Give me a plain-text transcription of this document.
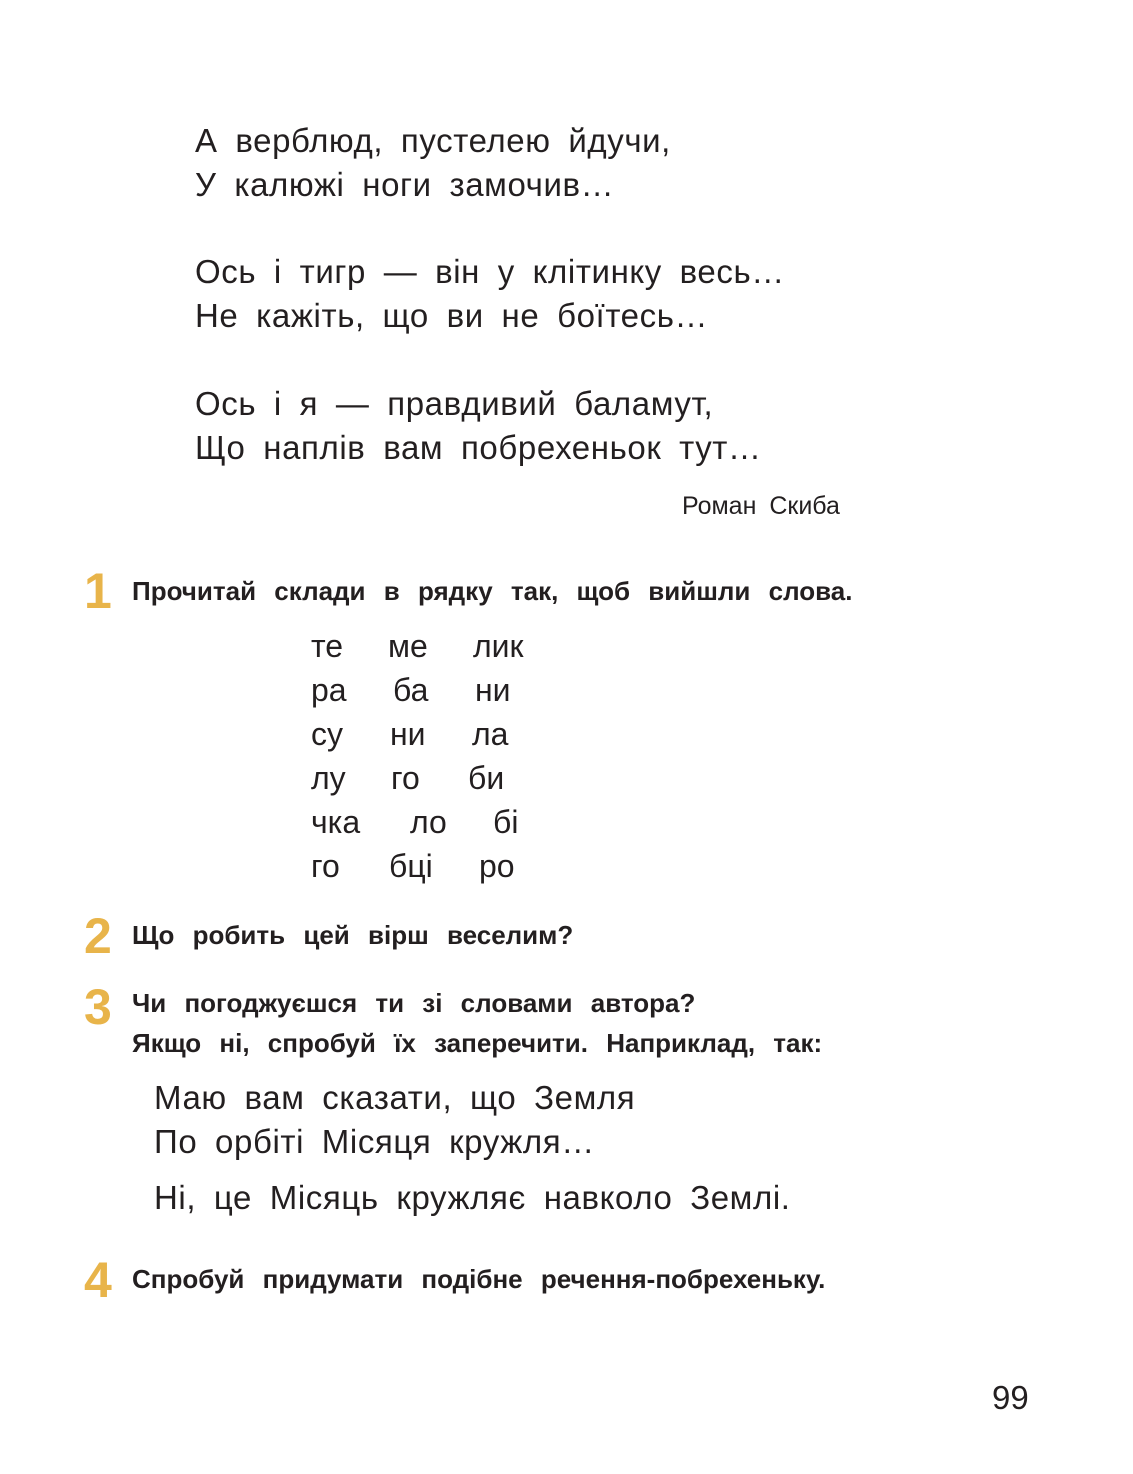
А верблюд, пустелею йдучи,
У калюжі ноги замочив…
Ось і тигр — він у клітинку весь…
Не кажіть, що ви не боїтесь…
Ось і я — правдивий баламут,
Що наплів вам побрехеньок тут…
Роман Скиба
1 Прочитай склади в рядку так, щоб вийшли слова.
те	ме	лик
ра	ба	ни
су	ни	ла
лу	го	би
чка	ло	бі
го	бці	ро
2 Що робить цей вірш веселим?
3 Чи погоджуєшся ти зі словами автора?
Якщо ні, спробуй їх заперечити. Наприклад, так:
Маю вам сказати, що Земля
По орбіті Місяця кружля…
Ні, це Місяць кружляє навколо Землі.
4 Спробуй придумати подібне речення-побрехеньку.
99
